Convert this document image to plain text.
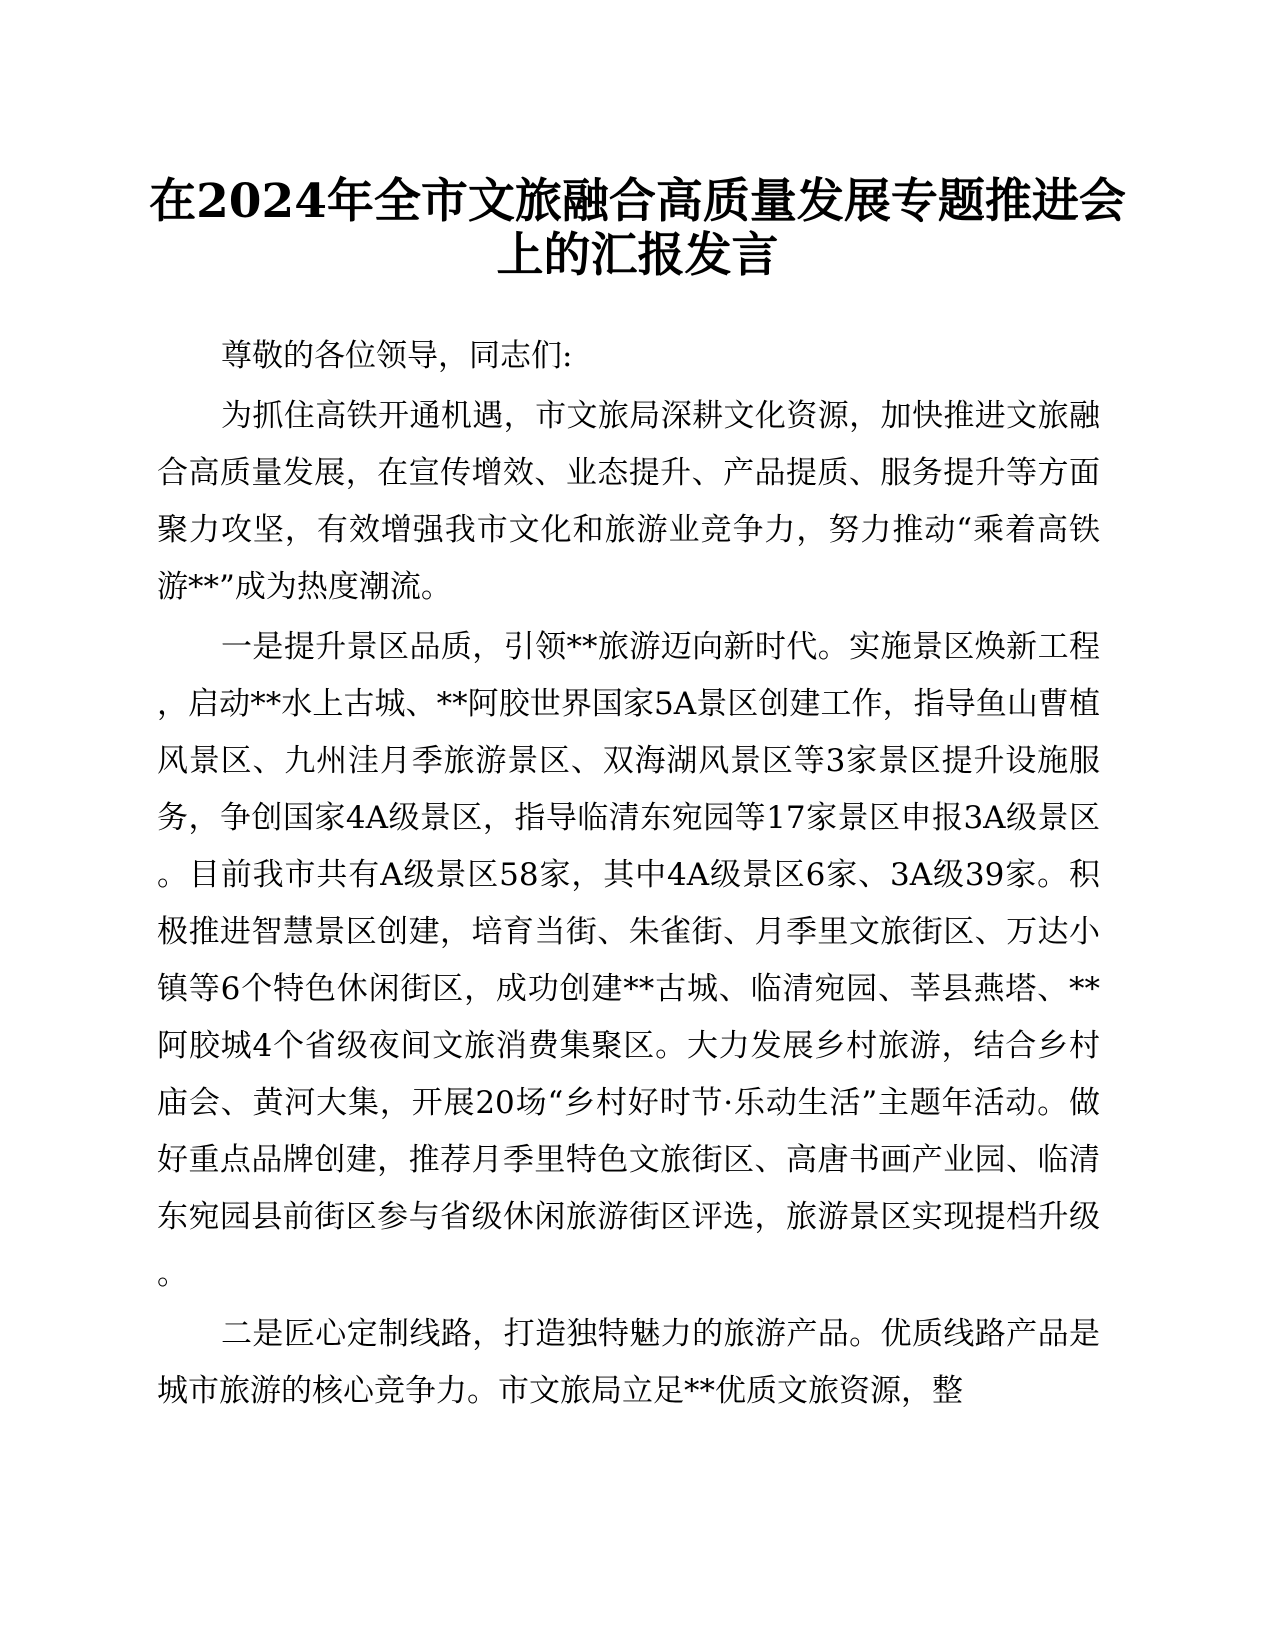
在2024年全市文旅融合高质量发展专题推进会
上的汇报发言

尊敬的各位领导，同志们:

为抓住高铁开通机遇，市文旅局深耕文化资源，加快推进文旅融合高质量发展，在宣传增效、业态提升、产品提质、服务提升等方面聚力攻坚，有效增强我市文化和旅游业竞争力，努力推动“乘着高铁游**”成为热度潮流。

一是提升景区品质，引领**旅游迈向新时代。实施景区焕新工程，启动**水上古城、**阿胶世界国家5A景区创建工作，指导鱼山曹植风景区、九州洼月季旅游景区、双海湖风景区等3家景区提升设施服务，争创国家4A级景区，指导临清东宛园等17家景区申报3A级景区。目前我市共有A级景区58家，其中4A级景区6家、3A级39家。积极推进智慧景区创建，培育当街、朱雀街、月季里文旅街区、万达小镇等6个特色休闲街区，成功创建**古城、临清宛园、莘县燕塔、**阿胶城4个省级夜间文旅消费集聚区。大力发展乡村旅游，结合乡村庙会、黄河大集，开展20场“乡村好时节·乐动生活”主题年活动。做好重点品牌创建，推荐月季里特色文旅街区、高唐书画产业园、临清东宛园县前街区参与省级休闲旅游街区评选，旅游景区实现提档升级。

二是匠心定制线路，打造独特魅力的旅游产品。优质线路产品是城市旅游的核心竞争力。市文旅局立足**优质文旅资源，整
